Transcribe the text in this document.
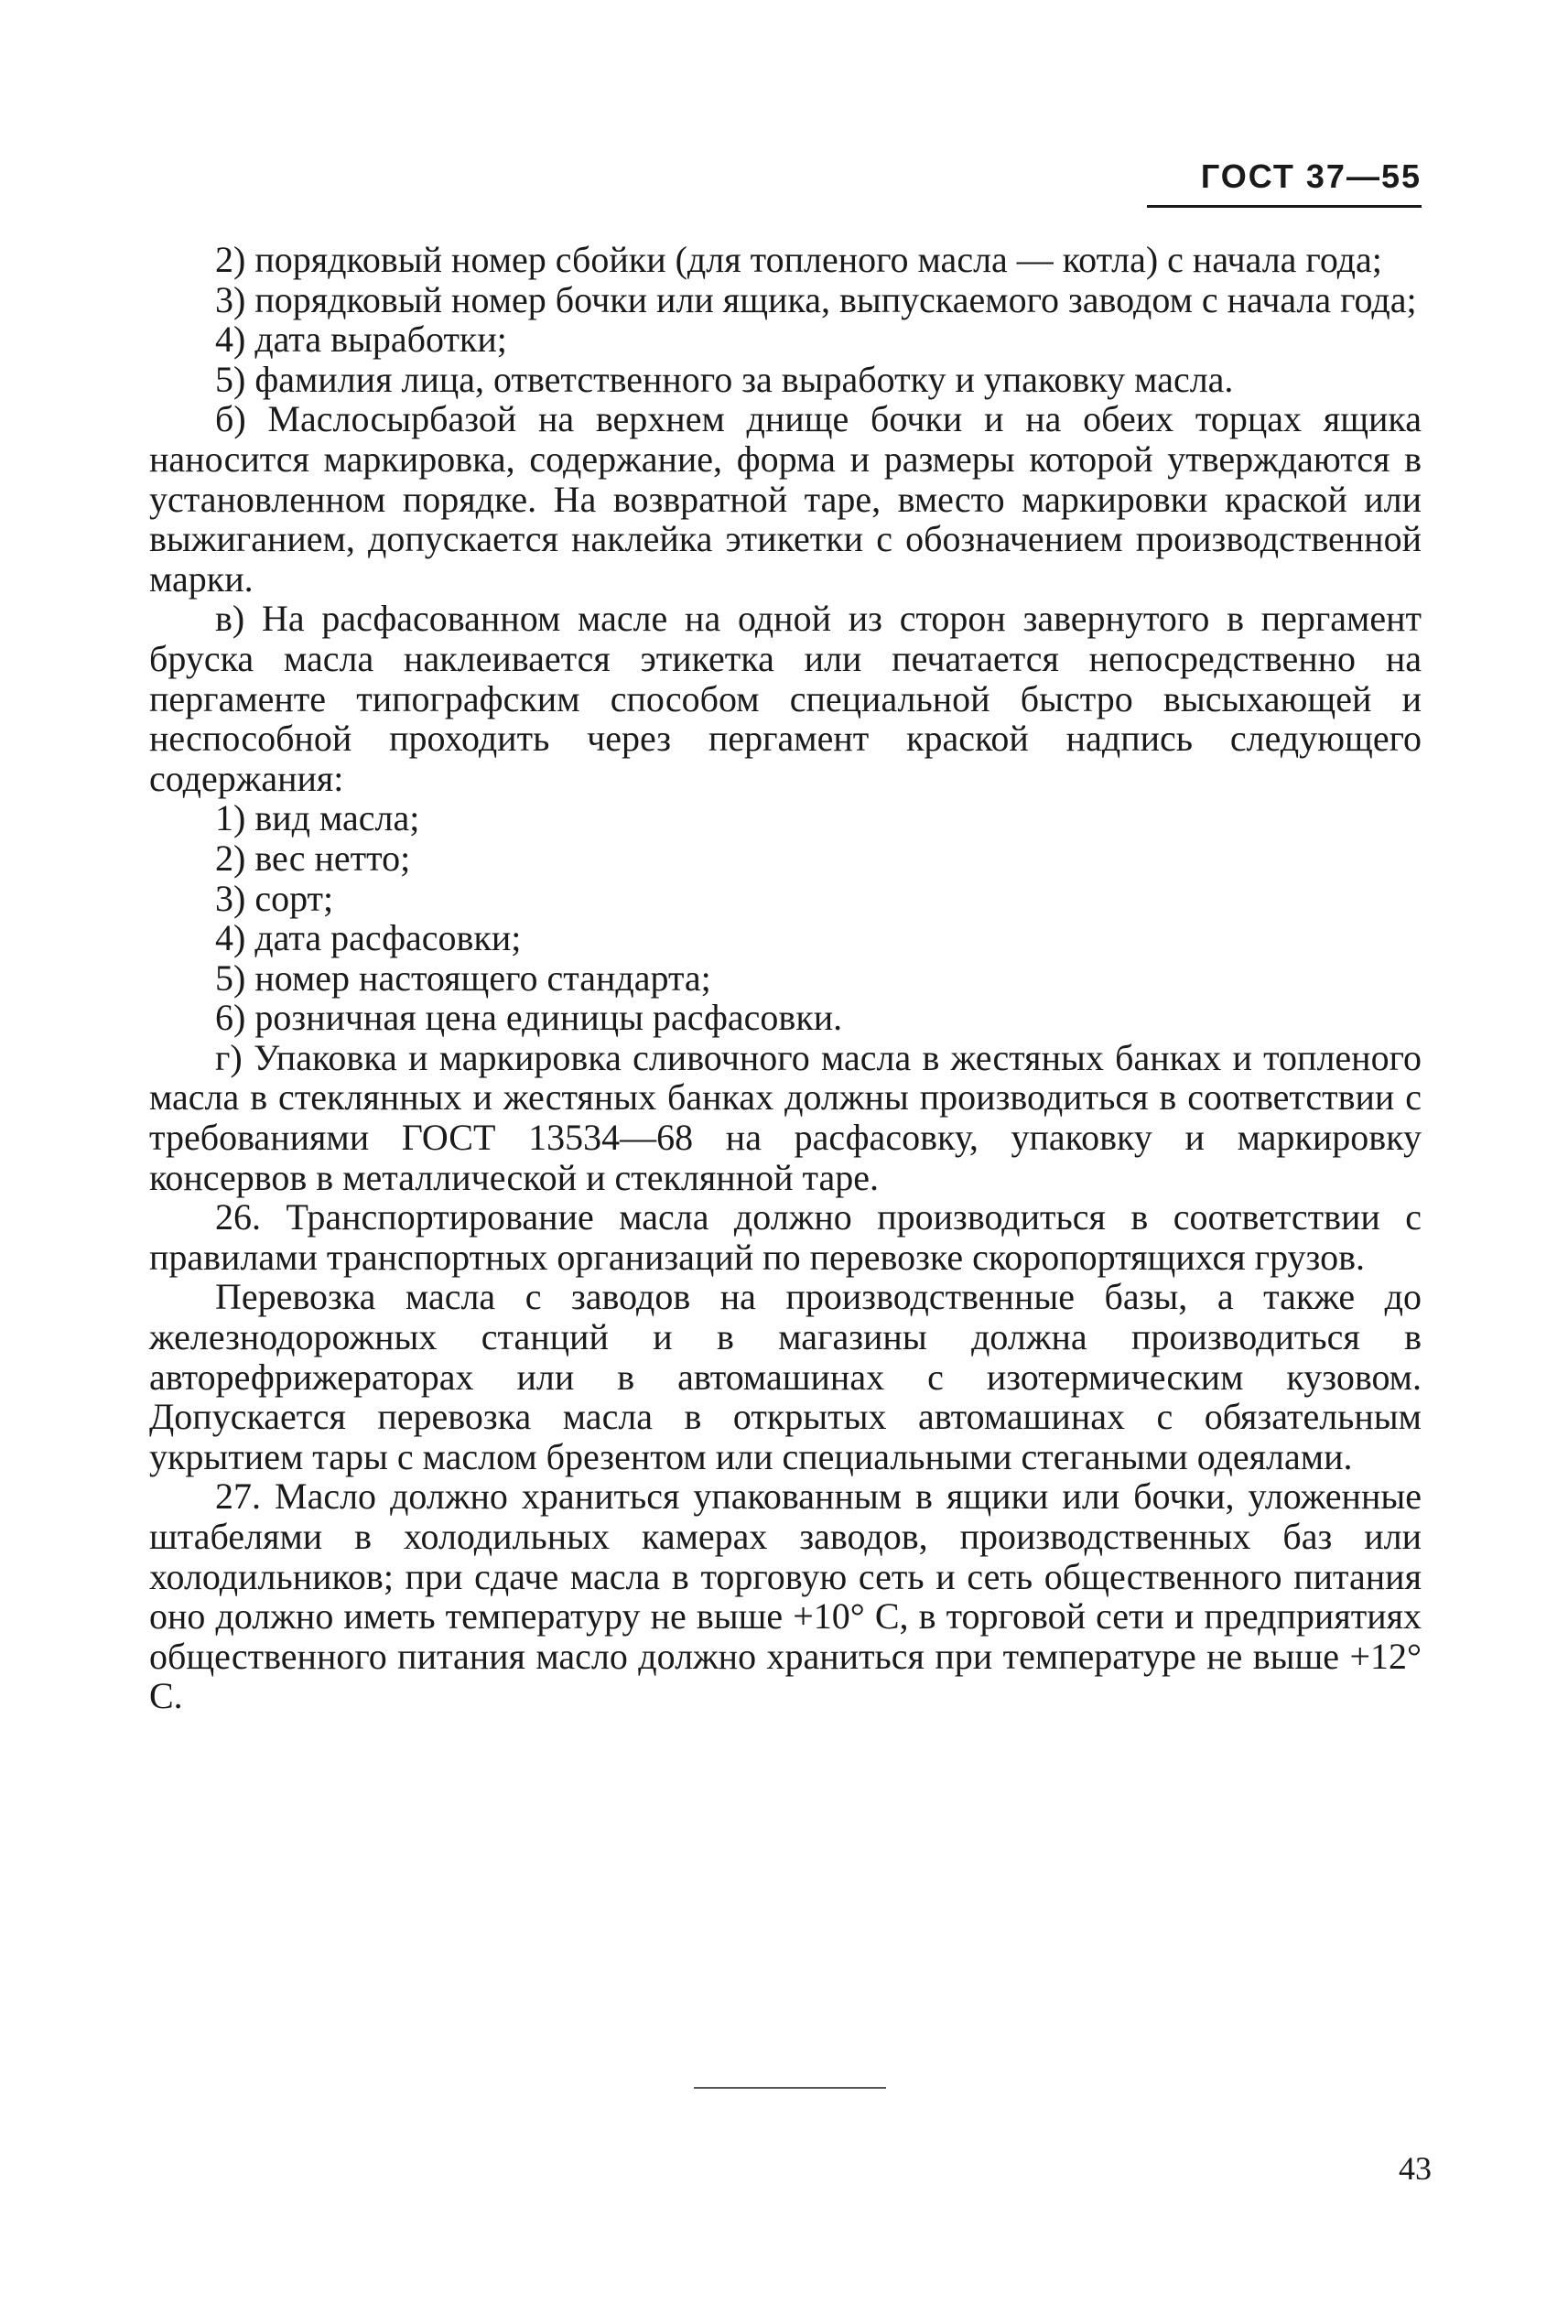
ГОСТ 37—55

2) порядковый номер сбойки (для топленого масла — котла) с начала года;

3) порядковый номер бочки или ящика, выпускаемого заводом с начала года;

4) дата выработки;

5) фамилия лица, ответственного за выработку и упаковку масла.

б) Маслосырбазой на верхнем днище бочки и на обеих торцах ящика наносится маркировка, содержание, форма и размеры которой утверждаются в установленном порядке. На возвратной таре, вместо маркировки краской или выжиганием, допускается наклейка этикетки с обозначением производственной марки.

в) На расфасованном масле на одной из сторон завернутого в пергамент бруска масла наклеивается этикетка или печатается непосредственно на пергаменте типографским способом специальной быстро высыхающей и неспособной проходить через пергамент краской надпись следующего содержания:

1) вид масла;

2) вес нетто;

3) сорт;

4) дата расфасовки;

5) номер настоящего стандарта;

6) розничная цена единицы расфасовки.

г) Упаковка и маркировка сливочного масла в жестяных банках и топленого масла в стеклянных и жестяных банках должны производиться в соответствии с требованиями ГОСТ 13534—68 на расфасовку, упаковку и маркировку консервов в металлической и стеклянной таре.

26. Транспортирование масла должно производиться в соответствии с правилами транспортных организаций по перевозке скоропортящихся грузов.

Перевозка масла с заводов на производственные базы, а также до железнодорожных станций и в магазины должна производиться в авторефрижераторах или в автомашинах с изотермическим кузовом. Допускается перевозка масла в открытых автомашинах с обязательным укрытием тары с маслом брезентом или специальными стегаными одеялами.

27. Масло должно храниться упакованным в ящики или бочки, уложенные штабелями в холодильных камерах заводов, производственных баз или холодильников; при сдаче масла в торговую сеть и сеть общественного питания оно должно иметь температуру не выше +10° С, в торговой сети и предприятиях общественного питания масло должно храниться при температуре не выше +12° С.

43
